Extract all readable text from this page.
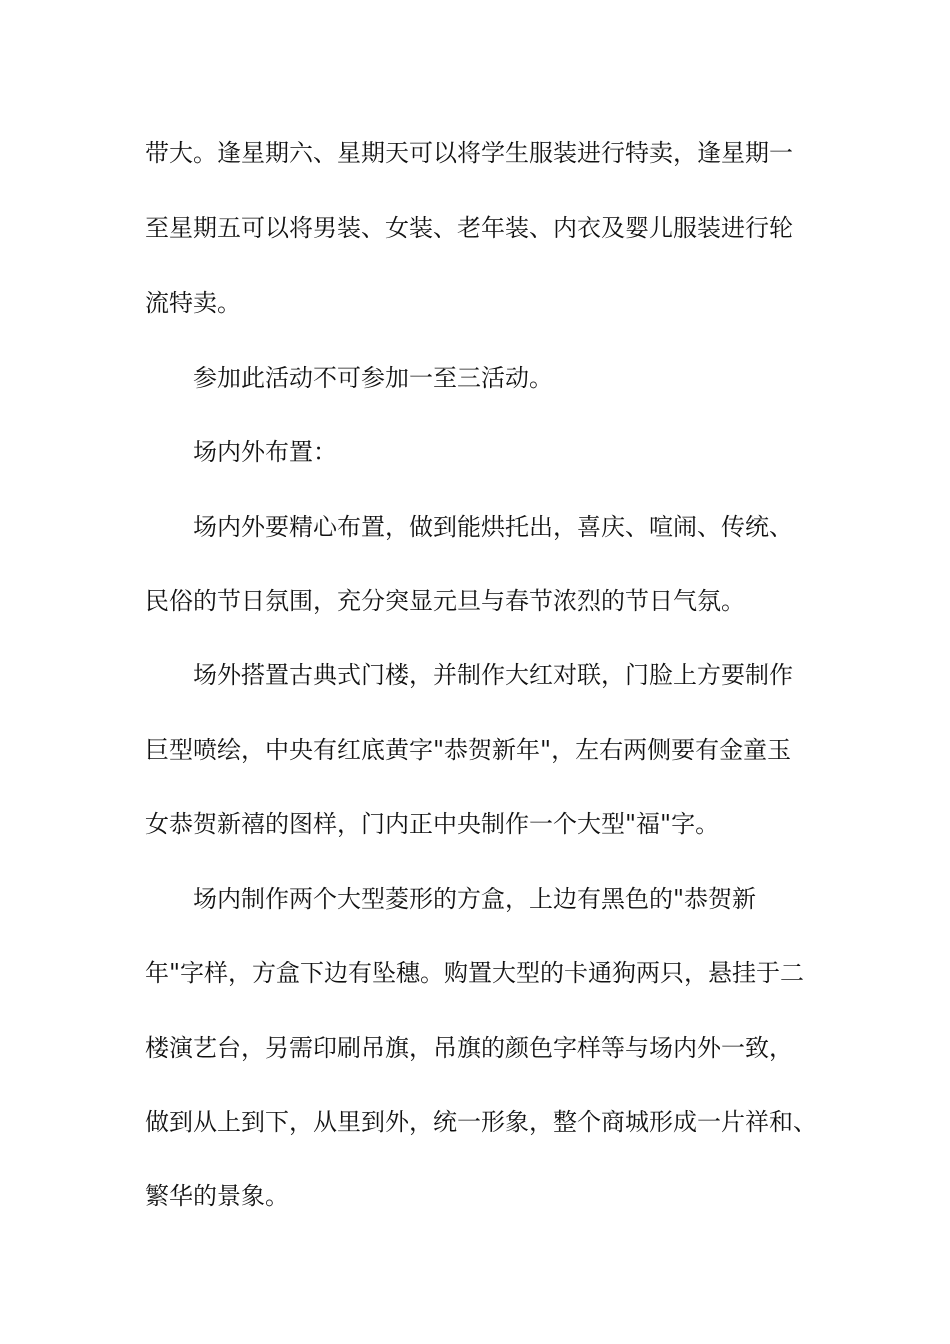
带大。逢星期六、星期天可以将学生服装进行特卖，逢星期一
至星期五可以将男装、女装、老年装、内衣及婴儿服装进行轮
流特卖。
参加此活动不可参加一至三活动。
场内外布置：
场内外要精心布置，做到能烘托出，喜庆、喧闹、传统、
民俗的节日氛围，充分突显元旦与春节浓烈的节日气氛。
场外搭置古典式门楼，并制作大红对联，门脸上方要制作
巨型喷绘，中央有红底黄字"恭贺新年"，左右两侧要有金童玉
女恭贺新禧的图样，门内正中央制作一个大型"福"字。
场内制作两个大型菱形的方盒，上边有黑色的"恭贺新
年"字样，方盒下边有坠穗。购置大型的卡通狗两只，悬挂于二
楼演艺台，另需印刷吊旗，吊旗的颜色字样等与场内外一致，
做到从上到下，从里到外，统一形象，整个商城形成一片祥和、
繁华的景象。
